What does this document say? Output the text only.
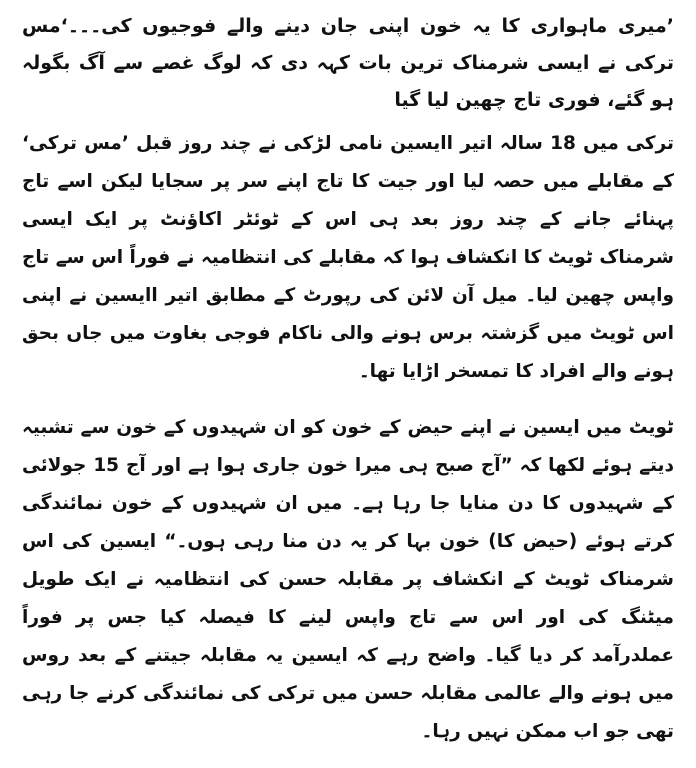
’میری ماہواری کا یہ خون اپنی جان دینے والے فوجیوں کی۔۔۔‘مس ترکی نے ایسی شرمناک ترین بات کہہ دی کہ لوگ غصے سے آگ بگولہ ہو گئے، فوری تاج چھین لیا گیا

ترکی میں 18 سالہ اتیر اایسین نامی لڑکی نے چند روز قبل ’مس ترکی‘ کے مقابلے میں حصہ لیا اور جیت کا تاج اپنے سر پر سجایا لیکن اسے تاج پہنائے جانے کے چند روز بعد ہی اس کے ٹوئٹر اکاﺅنٹ پر ایک ایسی شرمناک ٹویٹ کا انکشاف ہوا کہ مقابلے کی انتظامیہ نے فوراً اس سے تاج واپس چھین لیا۔ میل آن لائن کی رپورٹ کے مطابق اتیر اایسین نے اپنی اس ٹویٹ میں گزشتہ برس ہونے والی ناکام فوجی بغاوت میں جاں بحق ہونے والے افراد کا تمسخر اڑایا تھا۔

ٹویٹ میں ایسین نے اپنے حیض کے خون کو ان شہیدوں کے خون سے تشبیہ دیتے ہوئے لکھا کہ ”آج صبح ہی میرا خون جاری ہوا ہے اور آج 15 جولائی کے شہیدوں کا دن منایا جا رہا ہے۔ میں ان شہیدوں کے خون نمائندگی کرتے ہوئے (حیض کا) خون بہا کر یہ دن منا رہی ہوں۔“ ایسین کی اس شرمناک ٹویٹ کے انکشاف پر مقابلہ حسن کی انتظامیہ نے ایک طویل میٹنگ کی اور اس سے تاج واپس لینے کا فیصلہ کیا جس پر فوراً عملدرآمد کر دیا گیا۔ واضح رہے کہ ایسین یہ مقابلہ جیتنے کے بعد روس میں ہونے والے عالمی مقابلہ حسن میں ترکی کی نمائندگی کرنے جا رہی تھی جو اب ممکن نہیں رہا۔
